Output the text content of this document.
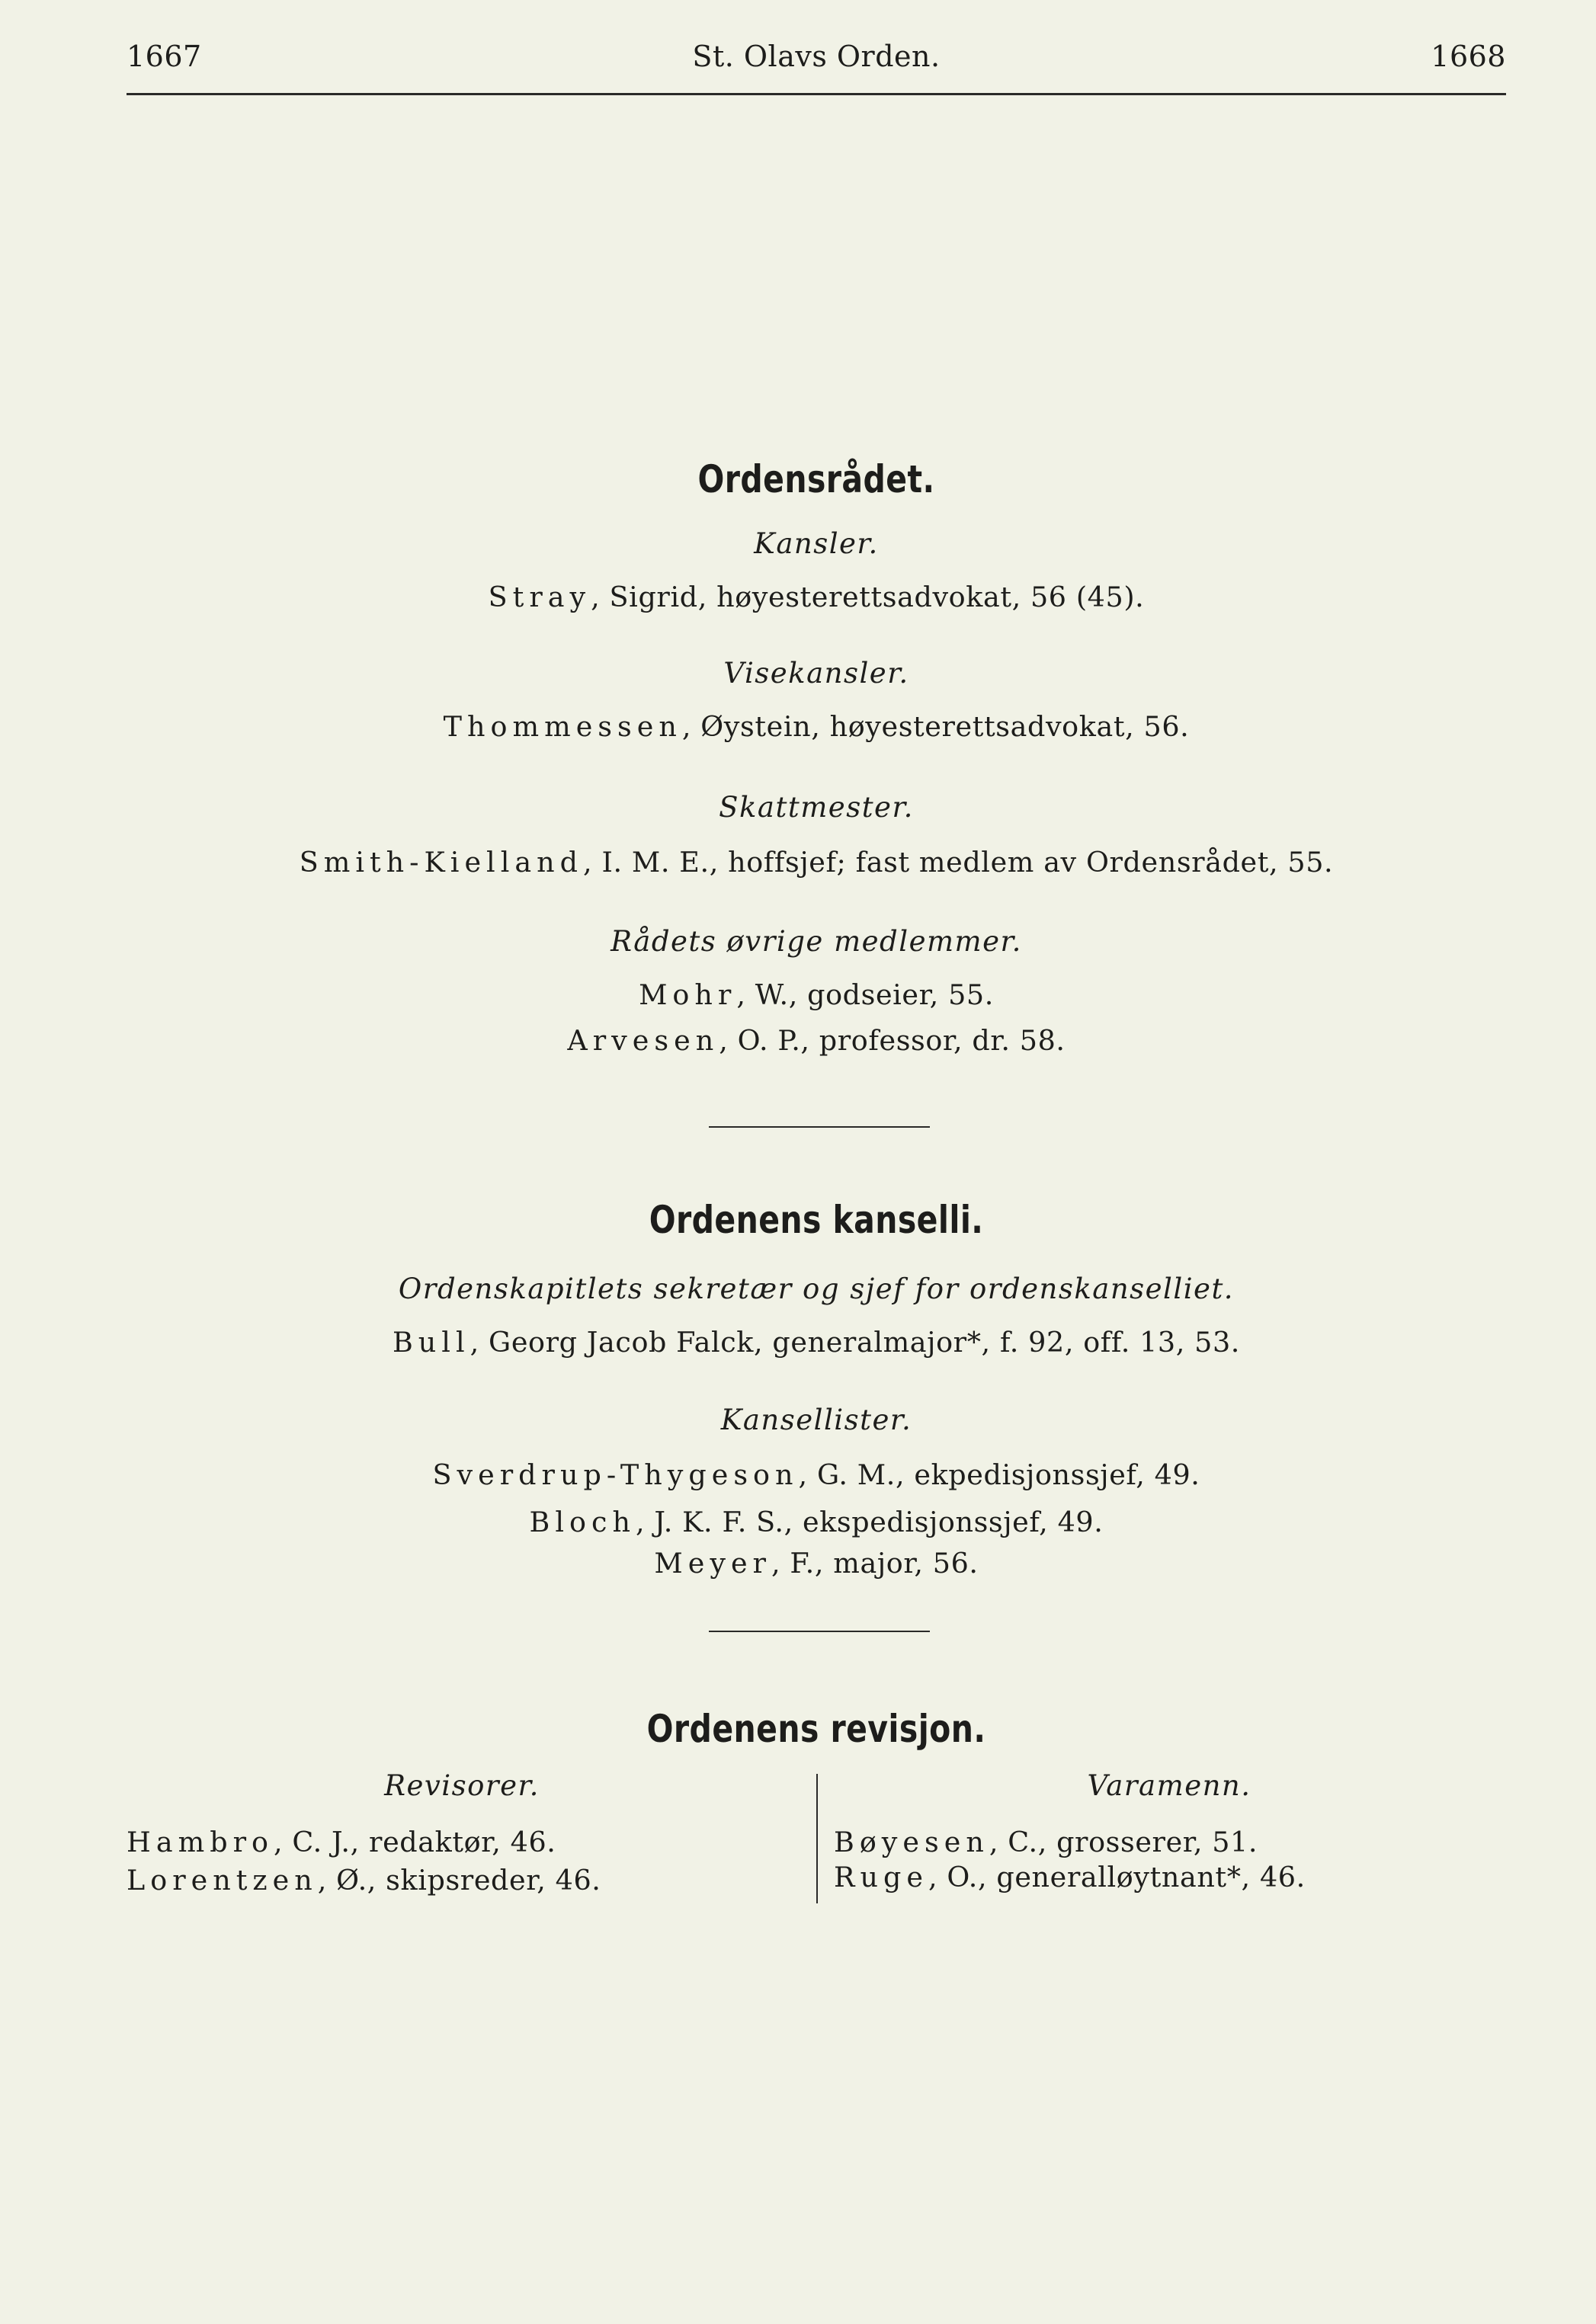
1667	St. Olavs Orden.	1668
Ordensrådet.
Kansler.
Stray, Sigrid, høyesterettsadvokat, 56 (45).
Visekansler.
Thommessen, Øystein, høyesterettsadvokat, 56.
Skattmester.
Smith-Kielland, I. M. E., hoffsjef; fast medlem av Ordensrådet, 55.
Rådets øvrige medlemmer.
Mohr, W., godseier, 55.
Arvesen, O. P., professor, dr. 58.
Ordenens kanselli.
Ordenskapitlets sekretær og sjef for ordenskanselliet.
Bull, Georg Jacob Falck, generalmajor*, f. 92, off. 13, 53.
Kansellister.
Sverdrup-Thygeson, G. M., ekpedisjonssjef, 49.
Bloch, J. K. F. S., ekspedisjonssjef, 49.
Meyer, F., major, 56.
Ordenens revisjon.
Revisorer.
Hambro, C. J., redaktør, 46.
Lorentzen, Ø., skipsreder, 46.
Varamenn.
Bøyesen, C., grosserer, 51.
Ruge, O., generalløytnant*, 46.
